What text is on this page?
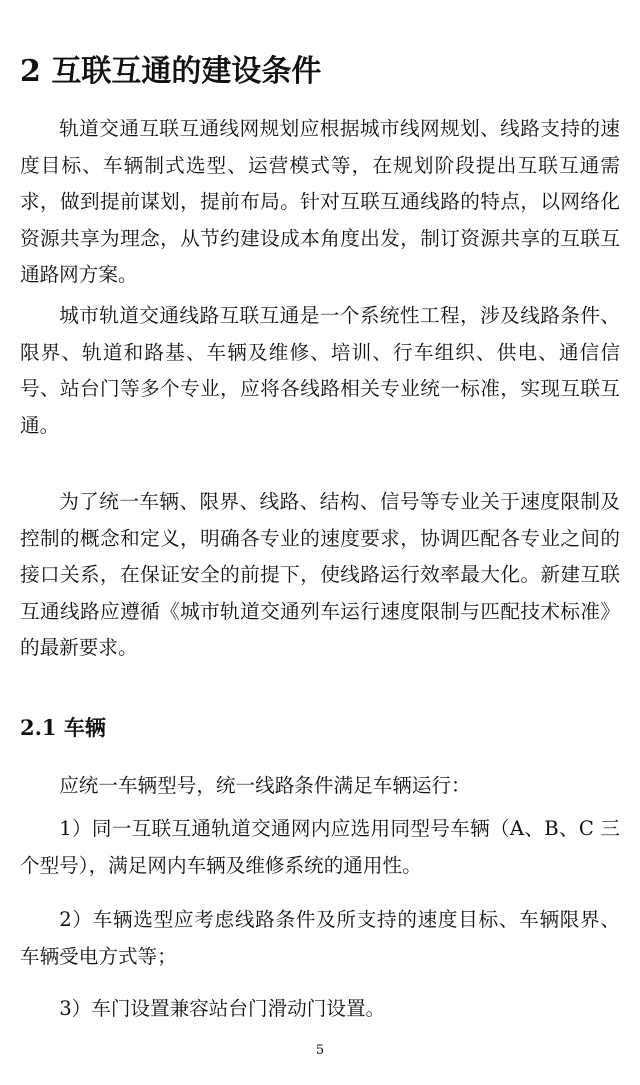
2 互联互通的建设条件

轨道交通互联互通线网规划应根据城市线网规划、线路支持的速度目标、车辆制式选型、运营模式等，在规划阶段提出互联互通需求，做到提前谋划，提前布局。针对互联互通线路的特点，以网络化资源共享为理念，从节约建设成本角度出发，制订资源共享的互联互通路网方案。

城市轨道交通线路互联互通是一个系统性工程，涉及线路条件、限界、轨道和路基、车辆及维修、培训、行车组织、供电、通信信号、站台门等多个专业，应将各线路相关专业统一标准，实现互联互通。

为了统一车辆、限界、线路、结构、信号等专业关于速度限制及控制的概念和定义，明确各专业的速度要求，协调匹配各专业之间的接口关系，在保证安全的前提下，使线路运行效率最大化。新建互联互通线路应遵循《城市轨道交通列车运行速度限制与匹配技术标准》的最新要求。

2.1 车辆

应统一车辆型号，统一线路条件满足车辆运行：

1）同一互联互通轨道交通网内应选用同型号车辆（A、B、C 三个型号），满足网内车辆及维修系统的通用性。

2）车辆选型应考虑线路条件及所支持的速度目标、车辆限界、车辆受电方式等；

3）车门设置兼容站台门滑动门设置。

5
